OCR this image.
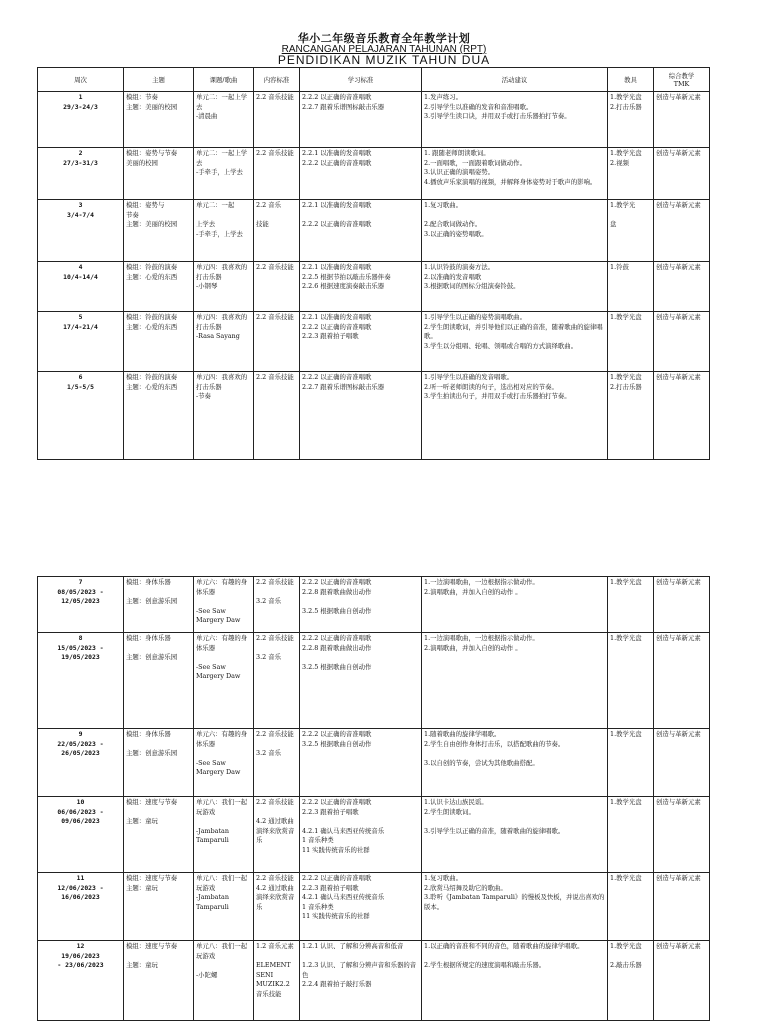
华小二年级音乐教育全年教学计划
RANCANGAN PELAJARAN TAHUNAN (RPT)
PENDIDIKAN MUZIK TAHUN DUA
周次	主题	课题/歌曲	内容标准	学习标准	活动建议	教具	综合教学
TMK

1
29/3-24/3	模组：节奏
主题：美丽的校园	单元二：一起上学去
-清晨曲	2.2 音乐技能	2.2.2 以正确的音准唱歌
2.2.7 跟着乐谱图标敲击乐器	1.发声练习。
2.引导学生以准确的发音和音准唱歌。
3.引导学生读口诀，并用双手或打击乐器拍打节奏。	1.教学光盘
2.打击乐器	创造与革新元素

2
27/3-31/3	模组：姿势与节奏
美丽的校园	单元二：一起上学去
-手牵手，上学去	2.2 音乐技能	2.2.1 以准确的发音唱歌
2.2.2 以正确的音准唱歌	1. 跟随老师朗读歌词。
2.一面唱歌，一面跟着歌词做动作。
3.认识正确的演唱姿势。
4.播放声乐家演唱的视频，并解释身体姿势对于歌声的影响。	1.教学光盘
2.视频	创造与革新元素

3
3/4-7/4	模组：姿势与
节奏
主题：美丽的校园	单元二：一起

上学去
-手牵手，上学去	2.2 音乐

技能	2.2.1 以准确的发音唱歌

2.2.2 以正确的音准唱歌	1.复习歌曲。

2.配合歌词做动作。
3.以正确的姿势唱歌。	1.教学光

盘	创造与革新元素

4
10/4-14/4	模组：铃鼓的演奏
主题：心爱的东西	单元四：我喜欢的打击乐器
-小钢琴	2.2 音乐技能	2.2.1 以准确的发音唱歌
2.2.5 根据节拍以敲击乐器伴奏
2.2.6 根据速度演奏敲击乐器	1.认识铃鼓的演奏方法。
2.以准确的发音唱歌
3.根据歌词的图标分组演奏铃鼓。	1.铃鼓	创造与革新元素

5
17/4-21/4	模组：铃鼓的演奏
主题：心爱的东西	单元四：我喜欢的打击乐器
-Rasa Sayang	2.2 音乐技能	2.2.1 以准确的发音唱歌
2.2.2 以正确的音准唱歌
2.2.3 跟着拍子唱歌	1.引导学生以正确的姿势演唱歌曲。
2.学生朗读歌词，并引导他们以正确的音准，随着歌曲的旋律唱歌。
3.学生以分组唱、轮唱、领唱或合唱的方式演绎歌曲。	1.教学光盘	创造与革新元素

6
1/5-5/5	模组：铃鼓的演奏
主题：心爱的东西	单元四：我喜欢的打击乐器
-节奏	2.2 音乐技能	2.2.2 以正确的音准唱歌
2.2.7 跟着乐谱图标敲击乐器	1.引导学生以准确的发音唱歌。
2.听一听老师朗读的句子，选出相对应的节奏。
3.学生拍读出句子，并用双手或打击乐器拍打节奏。	1.教学光盘
2.打击乐器	创造与革新元素
7
08/05/2023 -
12/05/2023	模组：身体乐器

主题：创意游乐园	单元六：有趣的身体乐器

-See Saw
Margery Daw	2.2 音乐技能

3.2 音乐	2.2.2 以正确的音准唱歌
2.2.8 跟着歌曲做出动作

3.2.5 根据歌曲自创动作	1.一边演唱歌曲，一边根据指示做动作。
2.演唱歌曲，并加入自创的动作 。	1.教学光盘	创造与革新元素

8
15/05/2023 -
19/05/2023	模组：身体乐器

主题：创意游乐园	单元六：有趣的身体乐器

-See Saw
Margery Daw	2.2 音乐技能

3.2 音乐	2.2.2 以正确的音准唱歌
2.2.8 跟着歌曲做出动作

3.2.5 根据歌曲自创动作	1.一边演唱歌曲，一边根据指示做动作。
2.演唱歌曲，并加入自创的动作 。	1.教学光盘	创造与革新元素

9
22/05/2023 -
26/05/2023	模组：身体乐器

主题：创意游乐园	单元六：有趣的身体乐器

-See Saw
Margery Daw	2.2 音乐技能

3.2 音乐	2.2.2 以正确的音准唱歌
3.2.5 根据歌曲自创动作	1.随着歌曲的旋律学唱歌。
2.学生自由创作身体打击乐，以搭配歌曲的节奏。

3.以自创的节奏，尝试为其他歌曲搭配。	1.教学光盘	创造与革新元素

10
06/06/2023 -
09/06/2023	模组：速度与节奏

主题：童玩	单元八：我们一起玩游戏

-Jambatan
Tamparuli	2.2 音乐技能

4.2 通过歌曲演绎来欣赏音乐	2.2.2 以正确的音准唱歌
2.2.3 跟着拍子唱歌

4.2.1 确认马来西亚传统音乐
1 音乐种类
11 实践传统音乐的社群	1.认识卡达山族民谣。
2.学生朗读歌词。

3.引导学生以正确的音准，随着歌曲的旋律唱歌。	1.教学光盘	创造与革新元素

11
12/06/2023 -
16/06/2023	模组：速度与节奏
主题：童玩	单元八：我们一起玩游戏
-Jambatan
Tamparuli	2.2 音乐技能
4.2 通过歌曲演绎来欣赏音乐	2.2.2 以正确的音准唱歌
2.2.3 跟着拍子唱歌
4.2.1 确认马来西亚传统音乐
1 音乐种类
11 实践传统音乐的社群	1.复习歌曲。
2.欣赏马绍舞及助它的歌曲。
3.聆听《Jambatan Tamparuli》的慢板及快板，并说出喜欢的版本。	1.教学光盘	创造与革新元素

12
19/06/2023
- 23/06/2023	模组：速度与节奏

主题：童玩	单元八：我们一起玩游戏

-小陀螺	1.2 音乐元素

ELEMENT SENI MUZIK2.2 音乐技能	1.2.1 认识、了解和分辨高音和低音

1.2.3 认识、了解和分辨声音和乐器的音色
2.2.4 跟着拍子敲打乐器	1.以正确的音准和不同的音色，随着歌曲的旋律学唱歌。

2.学生根据所规定的速度演唱和敲击乐器。	1.教学光盘

2.敲击乐器	创造与革新元素
